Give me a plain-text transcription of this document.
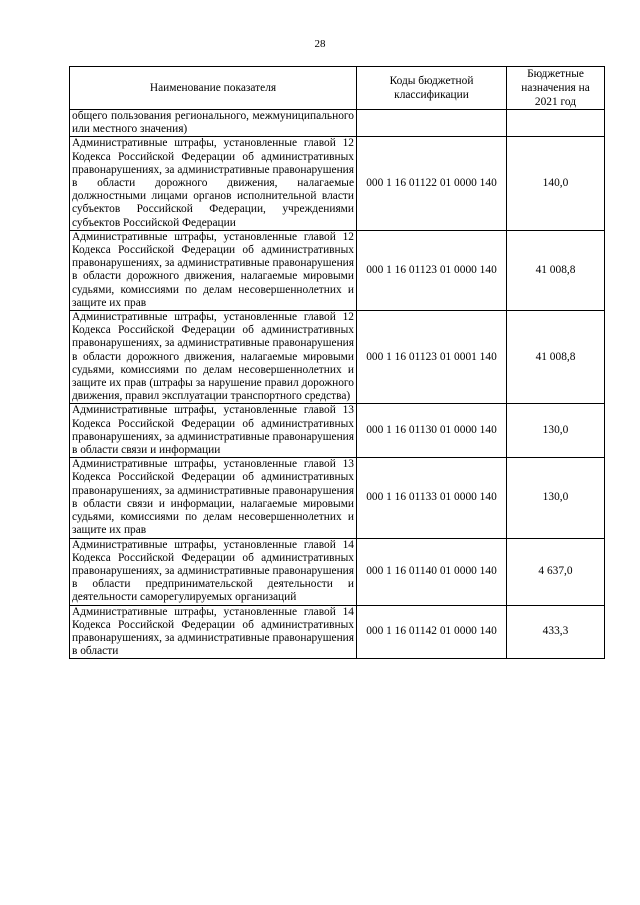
28
Наименование показателя	Коды бюджетной классификации	Бюджетные назначения на 2021 год
общего пользования регионального, межмуниципального или местного значения)		
Административные штрафы, установленные главой 12 Кодекса Российской Федерации об административных правонарушениях, за административные правонарушения в области дорожного движения, налагаемые должностными лицами органов исполнительной власти субъектов Российской Федерации, учреждениями субъектов Российской Федерации	000 1 16 01122 01 0000 140	140,0
Административные штрафы, установленные главой 12 Кодекса Российской Федерации об административных правонарушениях, за административные правонарушения в области дорожного движения, налагаемые мировыми судьями, комиссиями по делам несовершеннолетних и защите их прав	000 1 16 01123 01 0000 140	41 008,8
Административные штрафы, установленные главой 12 Кодекса Российской Федерации об административных правонарушениях, за административные правонарушения в области дорожного движения, налагаемые мировыми судьями, комиссиями по делам несовершеннолетних и защите их прав (штрафы за нарушение правил дорожного движения, правил эксплуатации транспортного средства)	000 1 16 01123 01 0001 140	41 008,8
Административные штрафы, установленные главой 13 Кодекса Российской Федерации об административных правонарушениях, за административные правонарушения в области связи и информации	000 1 16 01130 01 0000 140	130,0
Административные штрафы, установленные главой 13 Кодекса Российской Федерации об административных правонарушениях, за административные правонарушения в области связи и информации, налагаемые мировыми судьями, комиссиями по делам несовершеннолетних и защите их прав	000 1 16 01133 01 0000 140	130,0
Административные штрафы, установленные главой 14 Кодекса Российской Федерации об административных правонарушениях, за административные правонарушения в области предпринимательской деятельности и деятельности саморегулируемых организаций	000 1 16 01140 01 0000 140	4 637,0
Административные штрафы, установленные главой 14 Кодекса Российской Федерации об административных правонарушениях, за административные правонарушения в области	000 1 16 01142 01 0000 140	433,3
